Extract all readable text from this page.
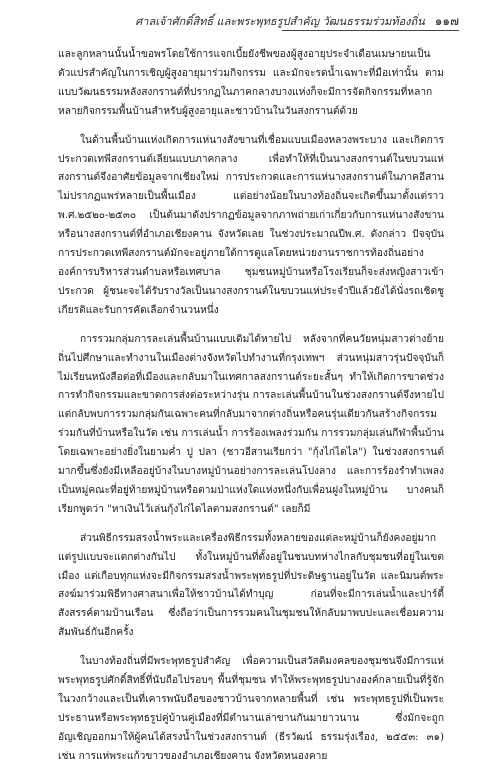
ศาลเจ้าศักดิ์สิทธิ์ และพระพุทธรูปสำคัญ วัฒนธรรมร่วมท้องถิ่น ๑๑๗

และลูกหลานนั้นน้ำขอพรโดยใช้การแจกเบี้ยยังชีพของผู้สูงอายุประจำเดือนเมษายนเป็นตัวแปรสำคัญในการเชิญผู้สูงอายุมาร่วมกิจกรรม และมักจะรดน้ำเฉพาะที่มือเท่านั้น ตามแบบวัฒนธรรมหลังสงกรานต์ที่ปรากฏในภาคกลางบางแห่งก็จะมีการจัดกิจกรรมที่หลากหลายกิจกรรมพื้นบ้านสำหรับผู้สูงอายุและชาวบ้านในวันสงกรานต์ด้วย

ในด้านพื้นบ้านแห่งเกิดการแห่นางสังขานที่เชื่อมแบบเมืองหลวงพระบาง และเกิดการประกวดเทพีสงกรานต์เลียนแบบภาคกลาง เพื่อทำให้ที่เป็นนางสงกรานต์ในขบวนแห่สงกรานต์จึงอาศัยข้อมูลจากเชียงใหม่ การประกวดและการแห่นางสงกรานต์ในภาคอีสานไม่ปรากฏแพร่หลายเป็นพื้นเมือง แต่อย่างน้อยในบางท้องถิ่นจะเกิดขึ้นมาตั้งแต่ราว พ.ศ.๒๕๒๐-๒๕๓๐ เป็นต้นมาดังปรากฏข้อมูลจากภาพถ่ายเก่าเกี่ยวกับการแห่นางสังขานหรือนางสงกรานต์ที่อำเภอเชียงคาน จังหวัดเลย ในช่วงประมาณปีพ.ศ. ดังกล่าว ปัจจุบันการประกวดเทพีสงกรานต์มักจะอยู่ภายใต้การดูแลโดยหน่วยงานราชการท้องถิ่นอย่างองค์การบริหารส่วนตำบลหรือเทศบาล ชุมชนหมู่บ้านหรือโรงเรียนก็จะส่งหญิงสาวเข้าประกวด ผู้ชนะจะได้รับรางวัลเป็นนางสงกรานต์ในขบวนแห่ประจำปีแล้วยังได้นั่งรถเชิดชูเกียรติและรับการคัดเลือกจำนวนหนึ่ง

การรวมกลุ่มการละเล่นพื้นบ้านแบบเดิมได้หายไป หลังจากที่คนวัยหนุ่มสาวต่างย้ายถิ่นไปศึกษาและทำงานในเมืองต่างจังหวัดไปทำงานที่กรุงเทพฯ ส่วนหนุ่มสาวรุ่นปัจจุบันก็ไม่เรียนหนังสือต่อที่เมืองและกลับมาในเทศกาลสงกรานต์ระยะสั้นๆ ทำให้เกิดการขาดช่วงการทำกิจกรรมและขาดการส่งต่อระหว่างรุ่น การละเล่นพื้นบ้านในช่วงสงกรานต์จึงหายไป แต่กลับพบการรวมกลุ่มกันเฉพาะคนที่กลับมาจากต่างถิ่นหรือคนรุ่นเดียวกันสร้างกิจกรรมร่วมกันที่บ้านหรือในวัด เช่น การเล่นน้ำ การร้องเพลงร่วมกัน การรวมกลุ่มเล่นกีฬาพื้นบ้านโดยเฉพาะอย่างยิ่งในยามค่ำ ปู ปลา (ชาวอีสานเรียกว่า "กุ้งไก่ไดไล") ในช่วงสงกรานต์มากขึ้นซึ่งยังมีเหลืออยู่บ้างในบางหมู่บ้านอย่างการละเล่นโปงลาง และการร้องรำทำเพลงเป็นหมู่คณะที่อยู่ท้ายหมู่บ้านหรือตามป่าแห่งใดแห่งหนึ่งกับเพื่อนฝูงในหมู่บ้าน บางคนก็เรียกพูดว่า "หาเงินไว้เล่นกุ้งไก่ไดไลตามสงกรานต์" เลยก็มี

ส่วนพิธีกรรมสรงน้ำพระและเครื่องพิธีกรรมทั้งหลายของแต่ละหมู่บ้านก็ยังคงอยู่มาก แต่รูปแบบจะแตกต่างกันไป ทั้งในหมู่บ้านที่ตั้งอยู่ในชนบทห่างไกลกับชุมชนที่อยู่ในเขตเมือง แต่เกือบทุกแห่งจะมีกิจกรรมสรงน้ำพระพุทธรูปที่ประดิษฐานอยู่ในวัด และนิมนต์พระสงฆ์มาร่วมพิธีทางศาสนาเพื่อให้ชาวบ้านได้ทำบุญ ก่อนที่จะมีการเล่นน้ำและปาร์ตี้สังสรรค์ตามบ้านเรือน ซึ่งถือว่าเป็นการรวมคนในชุมชนให้กลับมาพบปะและเชื่อมความสัมพันธ์กันอีกครั้ง

ในบางท้องถิ่นที่มีพระพุทธรูปสำคัญ เพื่อความเป็นสวัสดิมงคลของชุมชนจึงมีการแห่พระพุทธรูปศักดิ์สิทธิ์ที่นับถือไปรอบๆ พื้นที่ชุมชน ทำให้พระพุทธรูปบางองค์กลายเป็นที่รู้จักในวงกว้างและเป็นที่เคารพนับถือของชาวบ้านจากหลายพื้นที่ เช่น พระพุทธรูปที่เป็นพระประธานหรือพระพุทธรูปคู่บ้านคู่เมืองที่มีตำนานเล่าขานกันมายาวนาน ซึ่งมักจะถูกอัญเชิญออกมาให้ผู้คนได้สรงน้ำในช่วงสงกรานต์ (ธีรวัฒน์ ธรรมรุ่งเรือง, ๒๕๕๓: ๓๑) เช่น การแห่พระแก้วขาวของอำเภอเชียงคาน จังหวัดหนองคาย
